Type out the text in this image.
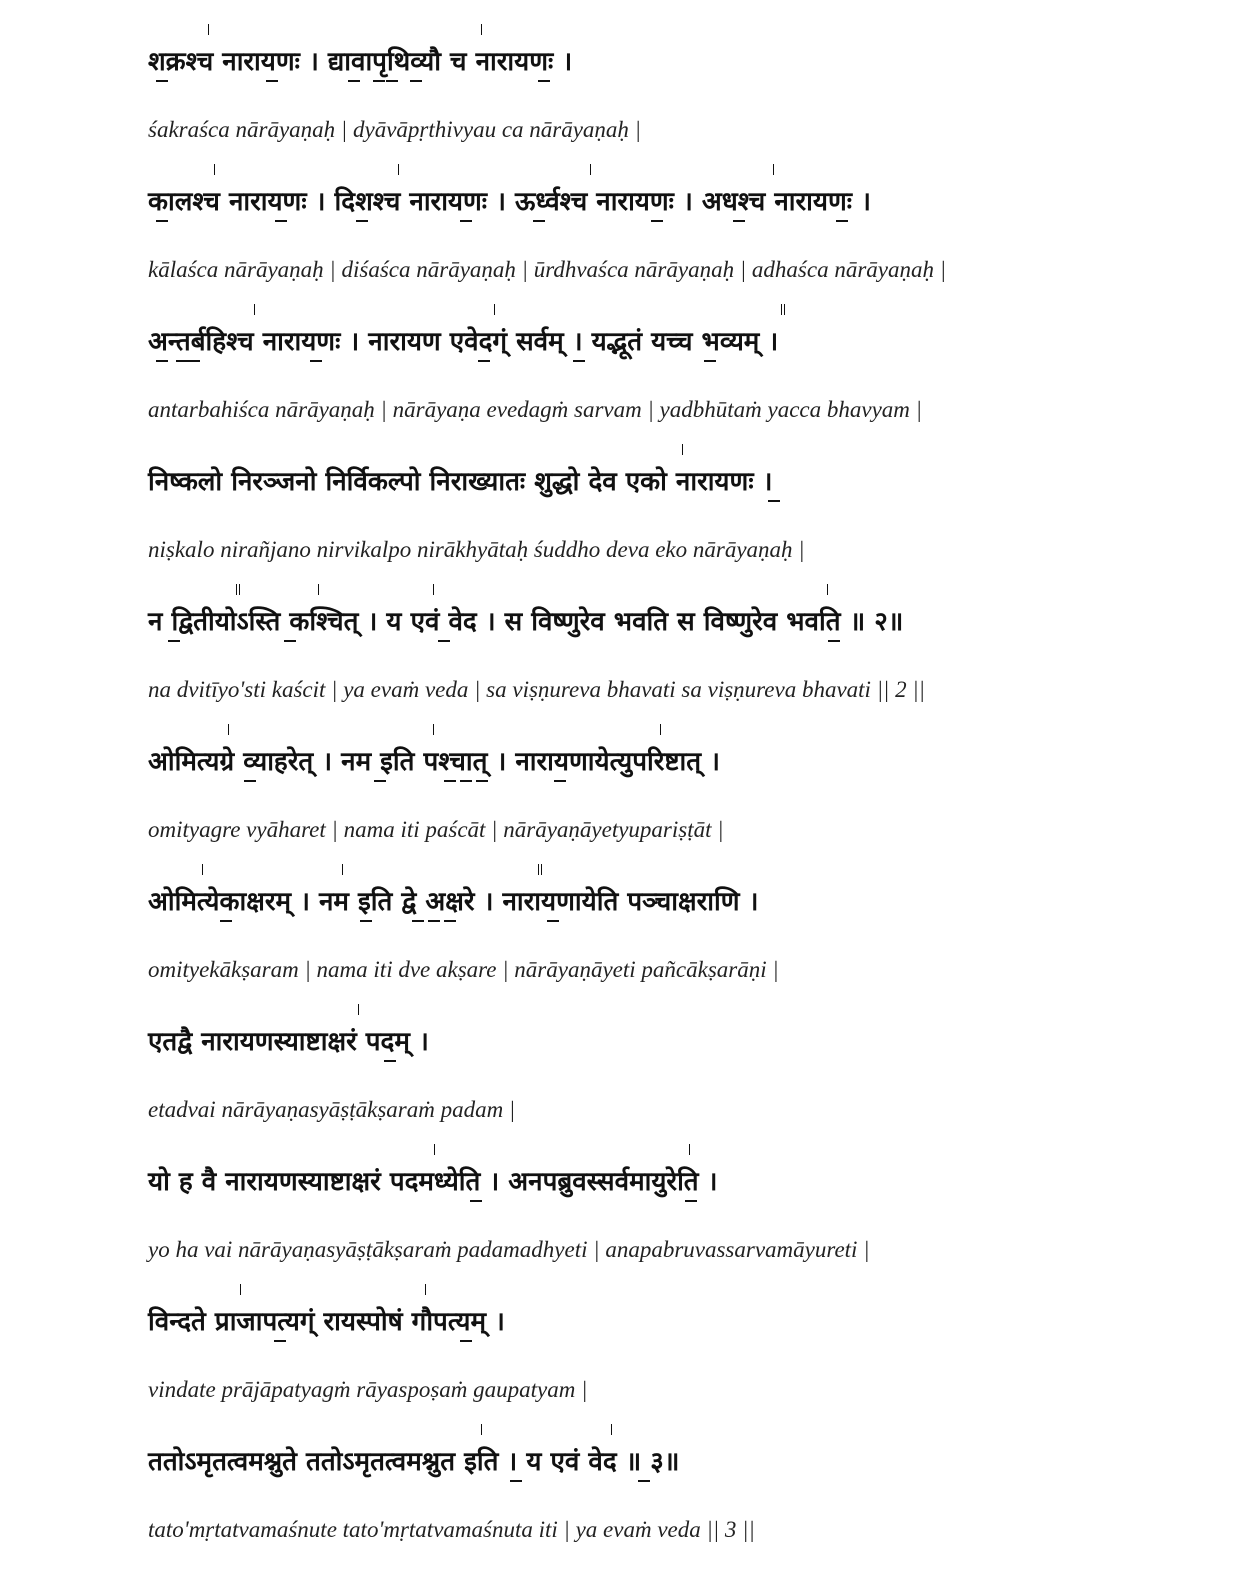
शक्रश्च नारायणः । द्यावापृथिव्यौ च नारायणः ।
śakraśca nārāyaṇaḥ | dyāvāpṛthivyau ca nārāyaṇaḥ |
कालश्च नारायणः । दिशश्च नारायणः । ऊर्ध्वश्च नारायणः । अधश्च नारायणः ।
kālaśca nārāyaṇaḥ | diśaśca nārāyaṇaḥ | ūrdhvaśca nārāyaṇaḥ | adhaśca nārāyaṇaḥ |
अन्तर्बहिश्च नारायणः । नारायण एवेदग्ं सर्वम् । यद्भूतं यच्च भव्यम् ।
antarbahiśca nārāyaṇaḥ | nārāyaṇa evedagṁ sarvam | yadbhūtaṁ yacca bhavyam |
निष्कलो निरञ्जनो निर्विकल्पो निराख्यातः शुद्धो देव एको नारायणः ।
niṣkalo nirañjano nirvikalpo nirākhyātaḥ śuddho deva eko nārāyaṇaḥ |
न द्वितीयोऽस्ति कश्चित् । य एवं वेद । स विष्णुरेव भवति स विष्णुरेव भवति ॥ २॥
na dvitīyo'sti kaścit | ya evaṁ veda | sa viṣṇureva bhavati sa viṣṇureva bhavati || 2 ||
ओमित्यग्रे व्याहरेत् । नम इति पश्चात् । नारायणायेत्युपरिष्टात् ।
omityagre vyāharet | nama iti paścāt | nārāyaṇāyetyupariṣṭāt |
ओमित्येकाक्षरम् । नम इति द्वे अक्षरे । नारायणायेति पञ्चाक्षराणि ।
omityekākṣaram | nama iti dve akṣare | nārāyaṇāyeti pañcākṣarāṇi |
एतद्वै नारायणस्याष्टाक्षरं पदम् ।
etadvai nārāyaṇasyāṣṭākṣaraṁ padam |
यो ह वै नारायणस्याष्टाक्षरं पदमध्येति । अनपब्रुवस्सर्वमायुरेति ।
yo ha vai nārāyaṇasyāṣṭākṣaraṁ padamadhyeti | anapabruvassarvamāyureti |
विन्दते प्राजापत्यग्ं रायस्पोषं गौपत्यम् ।
vindate prājāpatyagṁ rāyaspoṣaṁ gaupatyam |
ततोऽमृतत्वमश्नुते ततोऽमृतत्वमश्नुत इति । य एवं वेद ॥ ३॥
tato'mṛtatvamaśnute tato'mṛtatvamaśnuta iti | ya evaṁ veda || 3 ||
